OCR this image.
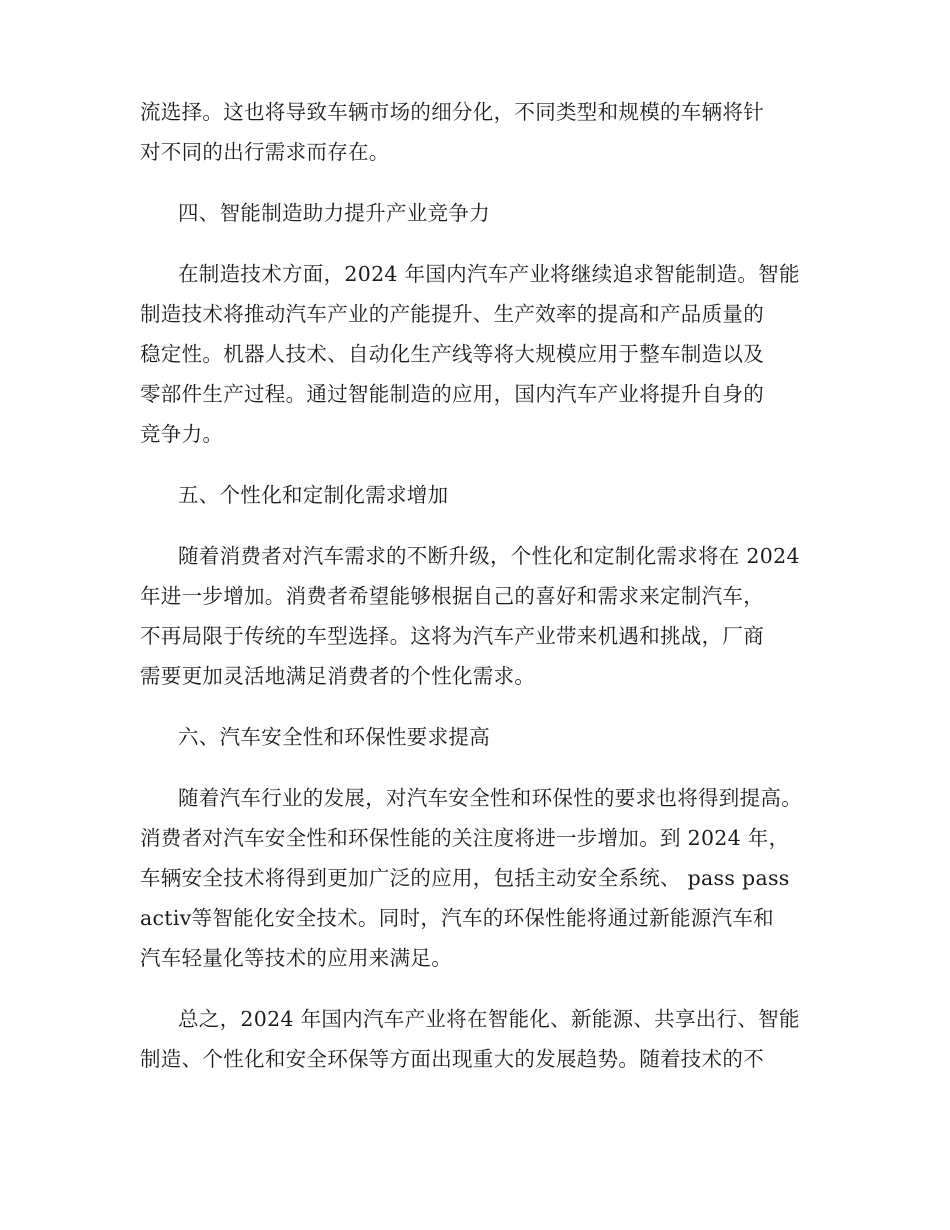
流选择。这也将导致车辆市场的细分化，不同类型和规模的车辆将针
对不同的出行需求而存在。
四、智能制造助力提升产业竞争力
在制造技术方面，2024 年国内汽车产业将继续追求智能制造。智能
制造技术将推动汽车产业的产能提升、生产效率的提高和产品质量的
稳定性。机器人技术、自动化生产线等将大规模应用于整车制造以及
零部件生产过程。通过智能制造的应用，国内汽车产业将提升自身的
竞争力。
五、个性化和定制化需求增加
随着消费者对汽车需求的不断升级，个性化和定制化需求将在 2024
年进一步增加。消费者希望能够根据自己的喜好和需求来定制汽车，
不再局限于传统的车型选择。这将为汽车产业带来机遇和挑战，厂商
需要更加灵活地满足消费者的个性化需求。
六、汽车安全性和环保性要求提高
随着汽车行业的发展，对汽车安全性和环保性的要求也将得到提高。
消费者对汽车安全性和环保性能的关注度将进一步增加。到 2024 年，
车辆安全技术将得到更加广泛的应用，包括主动安全系统、 pass pass
activ等智能化安全技术。同时，汽车的环保性能将通过新能源汽车和
汽车轻量化等技术的应用来满足。
总之，2024 年国内汽车产业将在智能化、新能源、共享出行、智能
制造、个性化和安全环保等方面出现重大的发展趋势。随着技术的不
